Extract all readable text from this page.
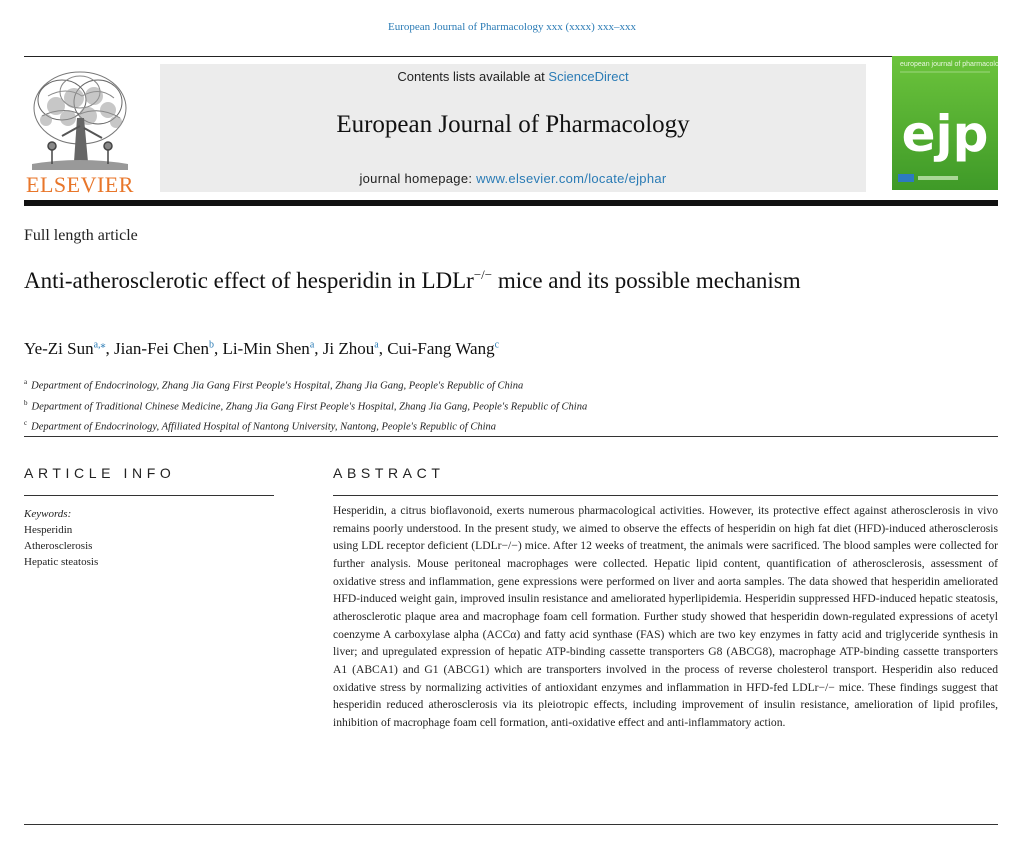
European Journal of Pharmacology xxx (xxxx) xxx–xxx
ELSEVIER
Contents lists available at ScienceDirect
European Journal of Pharmacology
journal homepage: www.elsevier.com/locate/ejphar
european journal of pharmacology
ejp
Full length article
Anti-atherosclerotic effect of hesperidin in LDLr−/− mice and its possible mechanism
Ye-Zi Sun$^{a,⁎}$, Jian-Fei Chen$^b$, Li-Min Shen$^a$, Ji Zhou$^a$, Cui-Fang Wang$^c$
$^a$ Department of Endocrinology, Zhang Jia Gang First People's Hospital, Zhang Jia Gang, People's Republic of China
$^b$ Department of Traditional Chinese Medicine, Zhang Jia Gang First People's Hospital, Zhang Jia Gang, People's Republic of China
$^c$ Department of Endocrinology, Affiliated Hospital of Nantong University, Nantong, People's Republic of China
ARTICLE INFO
Keywords:
Hesperidin
Atherosclerosis
Hepatic steatosis
ABSTRACT
Hesperidin, a citrus bioflavonoid, exerts numerous pharmacological activities. However, its protective effect against atherosclerosis in vivo remains poorly understood. In the present study, we aimed to observe the effects of hesperidin on high fat diet (HFD)-induced atherosclerosis using LDL receptor deficient (LDLr−/−) mice. After 12 weeks of treatment, the animals were sacrificed. The blood samples were collected for further analysis. Mouse peritoneal macrophages were collected. Hepatic lipid content, quantification of atherosclerosis, assessment of oxidative stress and inflammation, gene expressions were performed on liver and aorta samples. The data showed that hesperidin ameliorated HFD-induced weight gain, improved insulin resistance and ameliorated hyperlipidemia. Hesperidin suppressed HFD-induced hepatic steatosis, atherosclerotic plaque area and macrophage foam cell formation. Further study showed that hesperidin down-regulated expressions of acetyl coenzyme A carboxylase alpha (ACCα) and fatty acid synthase (FAS) which are two key enzymes in fatty acid and triglyceride synthesis in liver; and upregulated expression of hepatic ATP-binding cassette transporters G8 (ABCG8), macrophage ATP-binding cassette transporters A1 (ABCA1) and G1 (ABCG1) which are transporters involved in the process of reverse cholesterol transport. Hesperidin also reduced oxidative stress by normalizing activities of antioxidant enzymes and inflammation in HFD-fed LDLr−/− mice. These findings suggest that hesperidin reduced atherosclerosis via its pleiotropic effects, including improvement of insulin resistance, amelioration of lipid profiles, inhibition of macrophage foam cell formation, anti-oxidative effect and anti-inflammatory action.
